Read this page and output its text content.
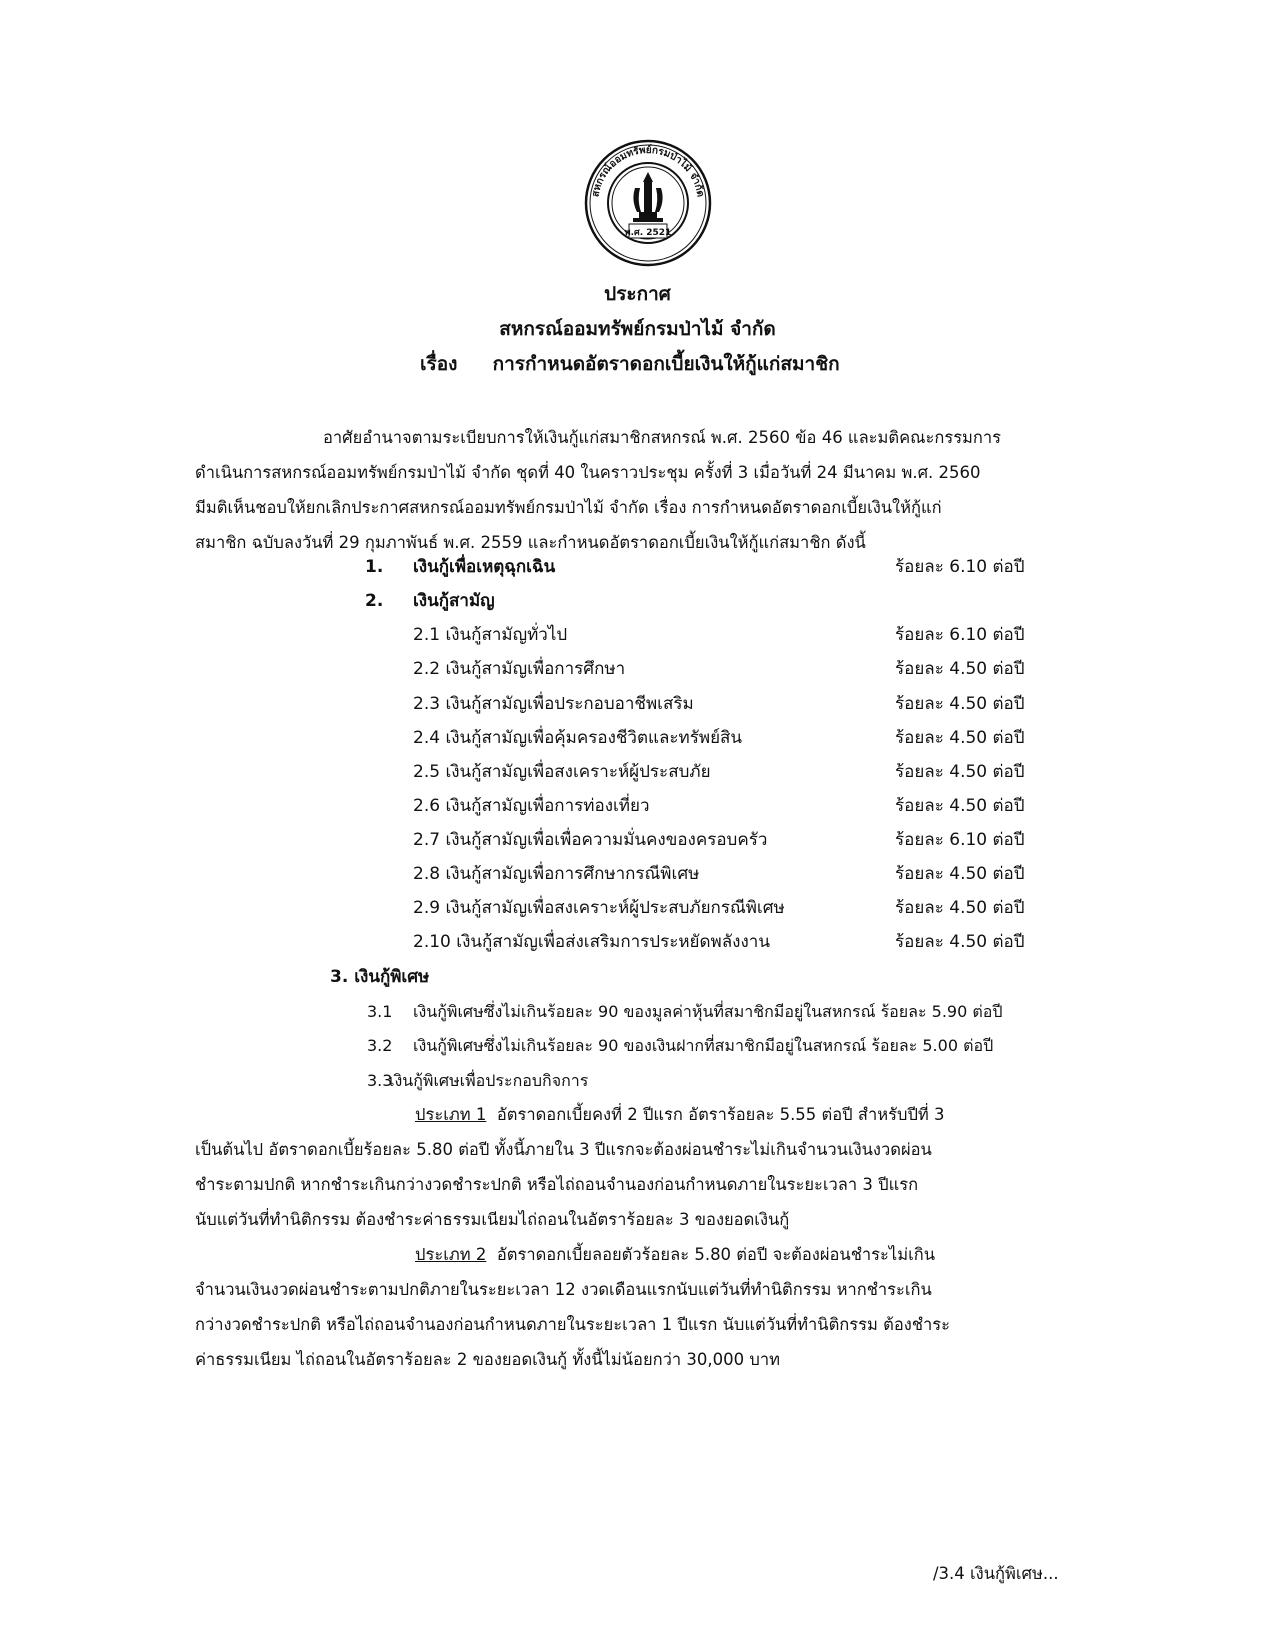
สหกรณ์ออมทรัพย์กรมป่าไม้ จำกัด
พ.ศ. 2521
ประกาศ
สหกรณ์ออมทรัพย์กรมป่าไม้ จำกัด
เรื่อง การกำหนดอัตราดอกเบี้ยเงินให้กู้แก่สมาชิก
อาศัยอำนาจตามระเบียบการให้เงินกู้แก่สมาชิกสหกรณ์ พ.ศ. 2560 ข้อ 46 และมติคณะกรรมการ
ดำเนินการสหกรณ์ออมทรัพย์กรมป่าไม้ จำกัด ชุดที่ 40 ในคราวประชุม ครั้งที่ 3 เมื่อวันที่ 24 มีนาคม พ.ศ. 2560
มีมติเห็นชอบให้ยกเลิกประกาศสหกรณ์ออมทรัพย์กรมป่าไม้ จำกัด เรื่อง การกำหนดอัตราดอกเบี้ยเงินให้กู้แก่
สมาชิก ฉบับลงวันที่ 29 กุมภาพันธ์ พ.ศ. 2559 และกำหนดอัตราดอกเบี้ยเงินให้กู้แก่สมาชิก ดังนี้
1. เงินกู้เพื่อเหตุฉุกเฉิน	ร้อยละ 6.10 ต่อปี
2. เงินกู้สามัญ
2.1 เงินกู้สามัญทั่วไป	ร้อยละ 6.10 ต่อปี
2.2 เงินกู้สามัญเพื่อการศึกษา	ร้อยละ 4.50 ต่อปี
2.3 เงินกู้สามัญเพื่อประกอบอาชีพเสริม	ร้อยละ 4.50 ต่อปี
2.4 เงินกู้สามัญเพื่อคุ้มครองชีวิตและทรัพย์สิน	ร้อยละ 4.50 ต่อปี
2.5 เงินกู้สามัญเพื่อสงเคราะห์ผู้ประสบภัย	ร้อยละ 4.50 ต่อปี
2.6 เงินกู้สามัญเพื่อการท่องเที่ยว	ร้อยละ 4.50 ต่อปี
2.7 เงินกู้สามัญเพื่อเพื่อความมั่นคงของครอบครัว	ร้อยละ 6.10 ต่อปี
2.8 เงินกู้สามัญเพื่อการศึกษากรณีพิเศษ	ร้อยละ 4.50 ต่อปี
2.9 เงินกู้สามัญเพื่อสงเคราะห์ผู้ประสบภัยกรณีพิเศษ	ร้อยละ 4.50 ต่อปี
2.10 เงินกู้สามัญเพื่อส่งเสริมการประหยัดพลังงาน	ร้อยละ 4.50 ต่อปี
3. เงินกู้พิเศษ
3.1 เงินกู้พิเศษซึ่งไม่เกินร้อยละ 90 ของมูลค่าหุ้นที่สมาชิกมีอยู่ในสหกรณ์ ร้อยละ 5.90 ต่อปี
3.2 เงินกู้พิเศษซึ่งไม่เกินร้อยละ 90 ของเงินฝากที่สมาชิกมีอยู่ในสหกรณ์ ร้อยละ 5.00 ต่อปี
3.3เงินกู้พิเศษเพื่อประกอบกิจการ
ประเภท 1 อัตราดอกเบี้ยคงที่ 2 ปีแรก อัตราร้อยละ 5.55 ต่อปี สำหรับปีที่ 3
เป็นต้นไป อัตราดอกเบี้ยร้อยละ 5.80 ต่อปี ทั้งนี้ภายใน 3 ปีแรกจะต้องผ่อนชำระไม่เกินจำนวนเงินงวดผ่อน
ชำระตามปกติ หากชำระเกินกว่างวดชำระปกติ หรือไถ่ถอนจำนองก่อนกำหนดภายในระยะเวลา 3 ปีแรก
นับแต่วันที่ทำนิติกรรม ต้องชำระค่าธรรมเนียมไถ่ถอนในอัตราร้อยละ 3 ของยอดเงินกู้
ประเภท 2 อัตราดอกเบี้ยลอยตัวร้อยละ 5.80 ต่อปี จะต้องผ่อนชำระไม่เกิน
จำนวนเงินงวดผ่อนชำระตามปกติภายในระยะเวลา 12 งวดเดือนแรกนับแต่วันที่ทำนิติกรรม หากชำระเกิน
กว่างวดชำระปกติ หรือไถ่ถอนจำนองก่อนกำหนดภายในระยะเวลา 1 ปีแรก นับแต่วันที่ทำนิติกรรม ต้องชำระ
ค่าธรรมเนียม ไถ่ถอนในอัตราร้อยละ 2 ของยอดเงินกู้ ทั้งนี้ไม่น้อยกว่า 30,000 บาท
/3.4 เงินกู้พิเศษ...
